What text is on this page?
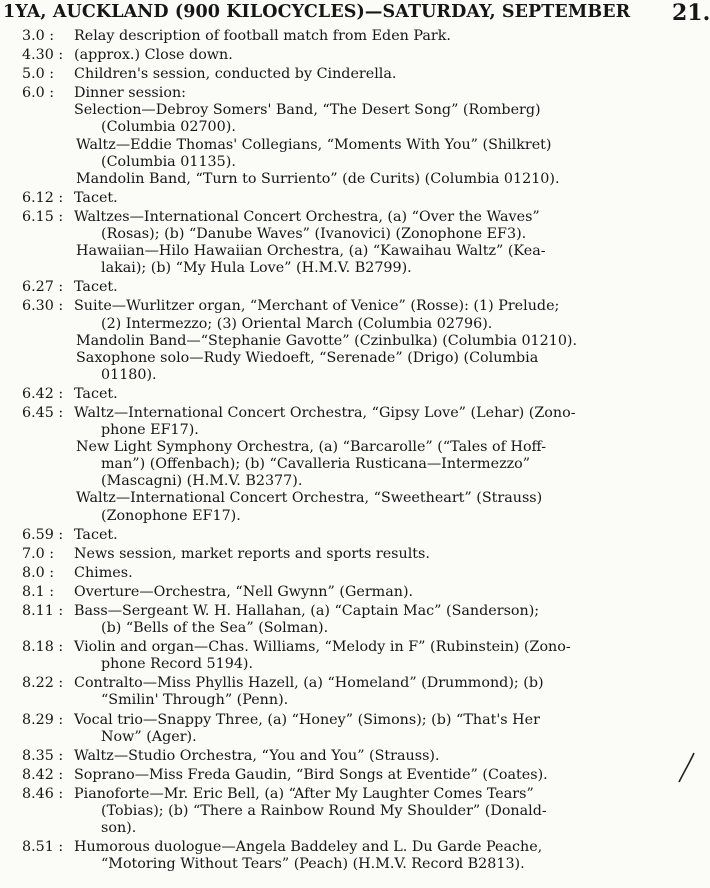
1YA, AUCKLAND (900 KILOCYCLES)—SATURDAY, SEPTEMBER	21.
3.0 :	Relay description of football match from Eden Park.
4.30 : (approx.) Close down.
5.0 :	Children's session, conducted by Cinderella.
6.0 :	Dinner session:
Selection—Debroy Somers' Band, “The Desert Song” (Romberg)
(Columbia 02700).
Waltz—Eddie Thomas' Collegians, “Moments With You” (Shilkret)
(Columbia 01135).
Mandolin Band, “Turn to Surriento” (de Curits) (Columbia 01210).
6.12 : Tacet.
6.15 : Waltzes—International Concert Orchestra, (a) “Over the Waves”
(Rosas); (b) “Danube Waves” (Ivanovici) (Zonophone EF3).
Hawaiian—Hilo Hawaiian Orchestra, (a) “Kawaihau Waltz” (Kea-
lakai); (b) “My Hula Love” (H.M.V. B2799).
6.27 : Tacet.
6.30 : Suite—Wurlitzer organ, “Merchant of Venice” (Rosse): (1) Prelude;
(2) Intermezzo; (3) Oriental March (Columbia 02796).
Mandolin Band—“Stephanie Gavotte” (Czinbulka) (Columbia 01210).
Saxophone solo—Rudy Wiedoeft, “Serenade” (Drigo) (Columbia
01180).
6.42 : Tacet.
6.45 : Waltz—International Concert Orchestra, “Gipsy Love” (Lehar) (Zono-
phone EF17).
New Light Symphony Orchestra, (a) “Barcarolle” (“Tales of Hoff-
man”) (Offenbach); (b) “Cavalleria Rusticana—Intermezzo”
(Mascagni) (H.M.V. B2377).
Waltz—International Concert Orchestra, “Sweetheart” (Strauss)
(Zonophone EF17).
6.59 : Tacet.
7.0 :	News session, market reports and sports results.
8.0 :	Chimes.
8.1 :	Overture—Orchestra, “Nell Gwynn” (German).
8.11 : Bass—Sergeant W. H. Hallahan, (a) “Captain Mac” (Sanderson);
(b) “Bells of the Sea” (Solman).
8.18 : Violin and organ—Chas. Williams, “Melody in F” (Rubinstein) (Zono-
phone Record 5194).
8.22 : Contralto—Miss Phyllis Hazell, (a) “Homeland” (Drummond); (b)
“Smilin' Through” (Penn).
8.29 : Vocal trio—Snappy Three, (a) “Honey” (Simons); (b) “That's Her
Now” (Ager).
8.35 : Waltz—Studio Orchestra, “You and You” (Strauss).
8.42 : Soprano—Miss Freda Gaudin, “Bird Songs at Eventide” (Coates).
8.46 : Pianoforte—Mr. Eric Bell, (a) “After My Laughter Comes Tears”
(Tobias); (b) “There a Rainbow Round My Shoulder” (Donald-
son).
8.51 : Humorous duologue—Angela Baddeley and L. Du Garde Peache,
“Motoring Without Tears” (Peach) (H.M.V. Record B2813).
